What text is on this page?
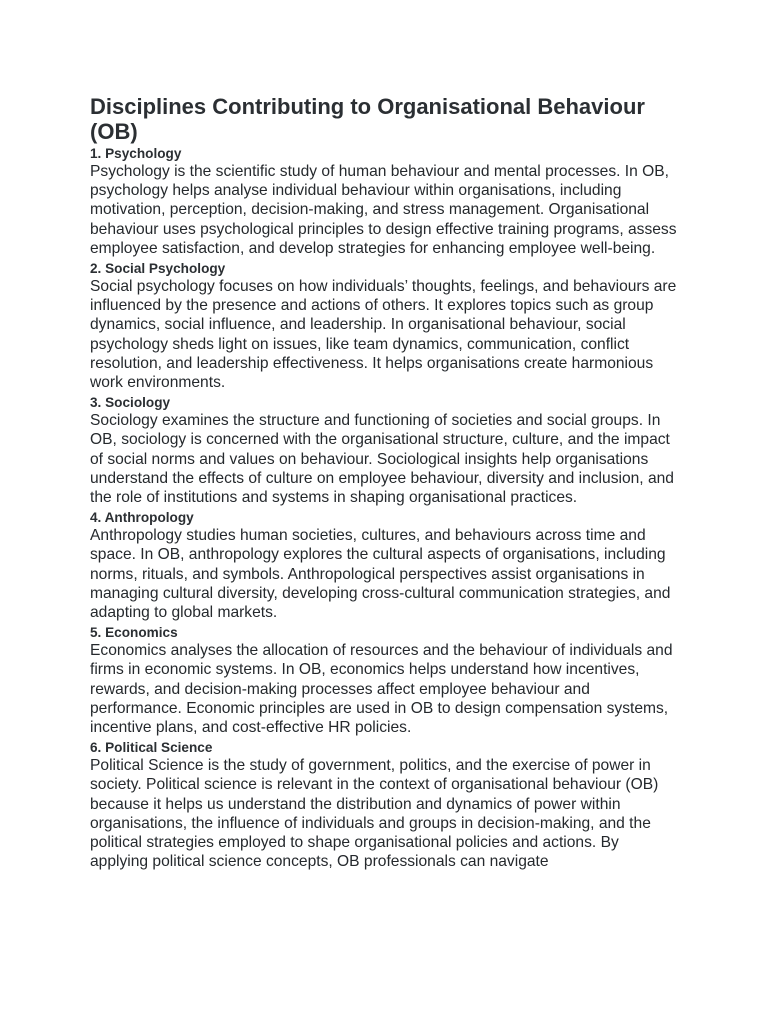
Disciplines Contributing to Organisational Behaviour (OB)
1. Psychology

Psychology is the scientific study of human behaviour and mental processes. In OB, psychology helps analyse individual behaviour within organisations, including motivation, perception, decision-making, and stress management. Organisational behaviour uses psychological principles to design effective training programs, assess employee satisfaction, and develop strategies for enhancing employee well-being.

2. Social Psychology

Social psychology focuses on how individuals’ thoughts, feelings, and behaviours are influenced by the presence and actions of others. It explores topics such as group dynamics, social influence, and leadership. In organisational behaviour, social psychology sheds light on issues, like team dynamics, communication, conflict resolution, and leadership effectiveness. It helps organisations create harmonious work environments.

3. Sociology

Sociology examines the structure and functioning of societies and social groups. In OB, sociology is concerned with the organisational structure, culture, and the impact of social norms and values on behaviour. Sociological insights help organisations understand the effects of culture on employee behaviour, diversity and inclusion, and the role of institutions and systems in shaping organisational practices.

4. Anthropology

Anthropology studies human societies, cultures, and behaviours across time and space. In OB, anthropology explores the cultural aspects of organisations, including norms, rituals, and symbols. Anthropological perspectives assist organisations in managing cultural diversity, developing cross-cultural communication strategies, and adapting to global markets.

5. Economics

Economics analyses the allocation of resources and the behaviour of individuals and firms in economic systems. In OB, economics helps understand how incentives, rewards, and decision-making processes affect employee behaviour and performance. Economic principles are used in OB to design compensation systems, incentive plans, and cost-effective HR policies.

6. Political Science

Political Science is the study of government, politics, and the exercise of power in society. Political science is relevant in the context of organisational behaviour (OB) because it helps us understand the distribution and dynamics of power within organisations, the influence of individuals and groups in decision-making, and the political strategies employed to shape organisational policies and actions. By applying political science concepts, OB professionals can navigate
